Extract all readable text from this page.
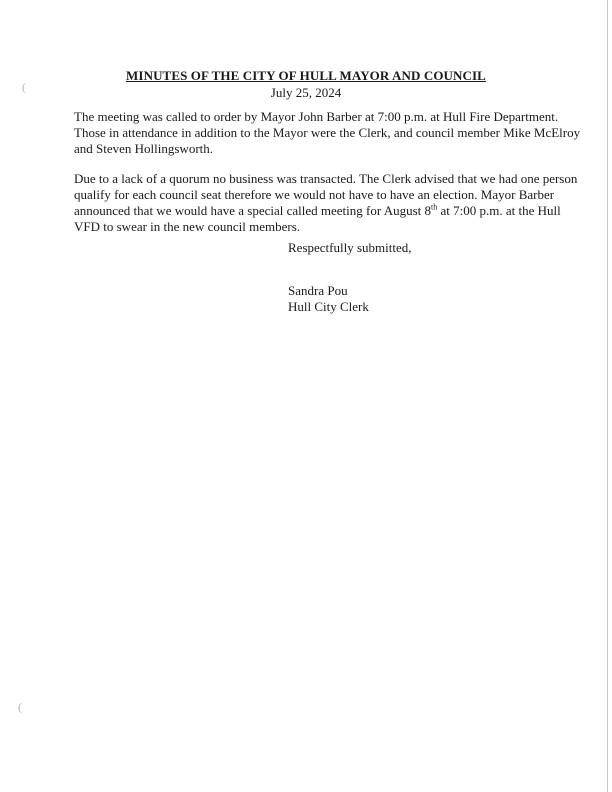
MINUTES OF THE CITY OF HULL MAYOR AND COUNCIL
July 25, 2024

The meeting was called to order by Mayor John Barber at 7:00 p.m. at Hull Fire Department.

Those in attendance in addition to the Mayor were the Clerk, and council member Mike McElroy

and Steven Hollingsworth.

Due to a lack of a quorum no business was transacted. The Clerk advised that we had one person

qualify for each council seat therefore we would not have to have an election. Mayor Barber

announced that we would have a special called meeting for August 8th at 7:00 p.m. at the Hull

VFD to swear in the new council members.

Respectfully submitted,
Sandra Pou
Hull City Clerk
(
(
